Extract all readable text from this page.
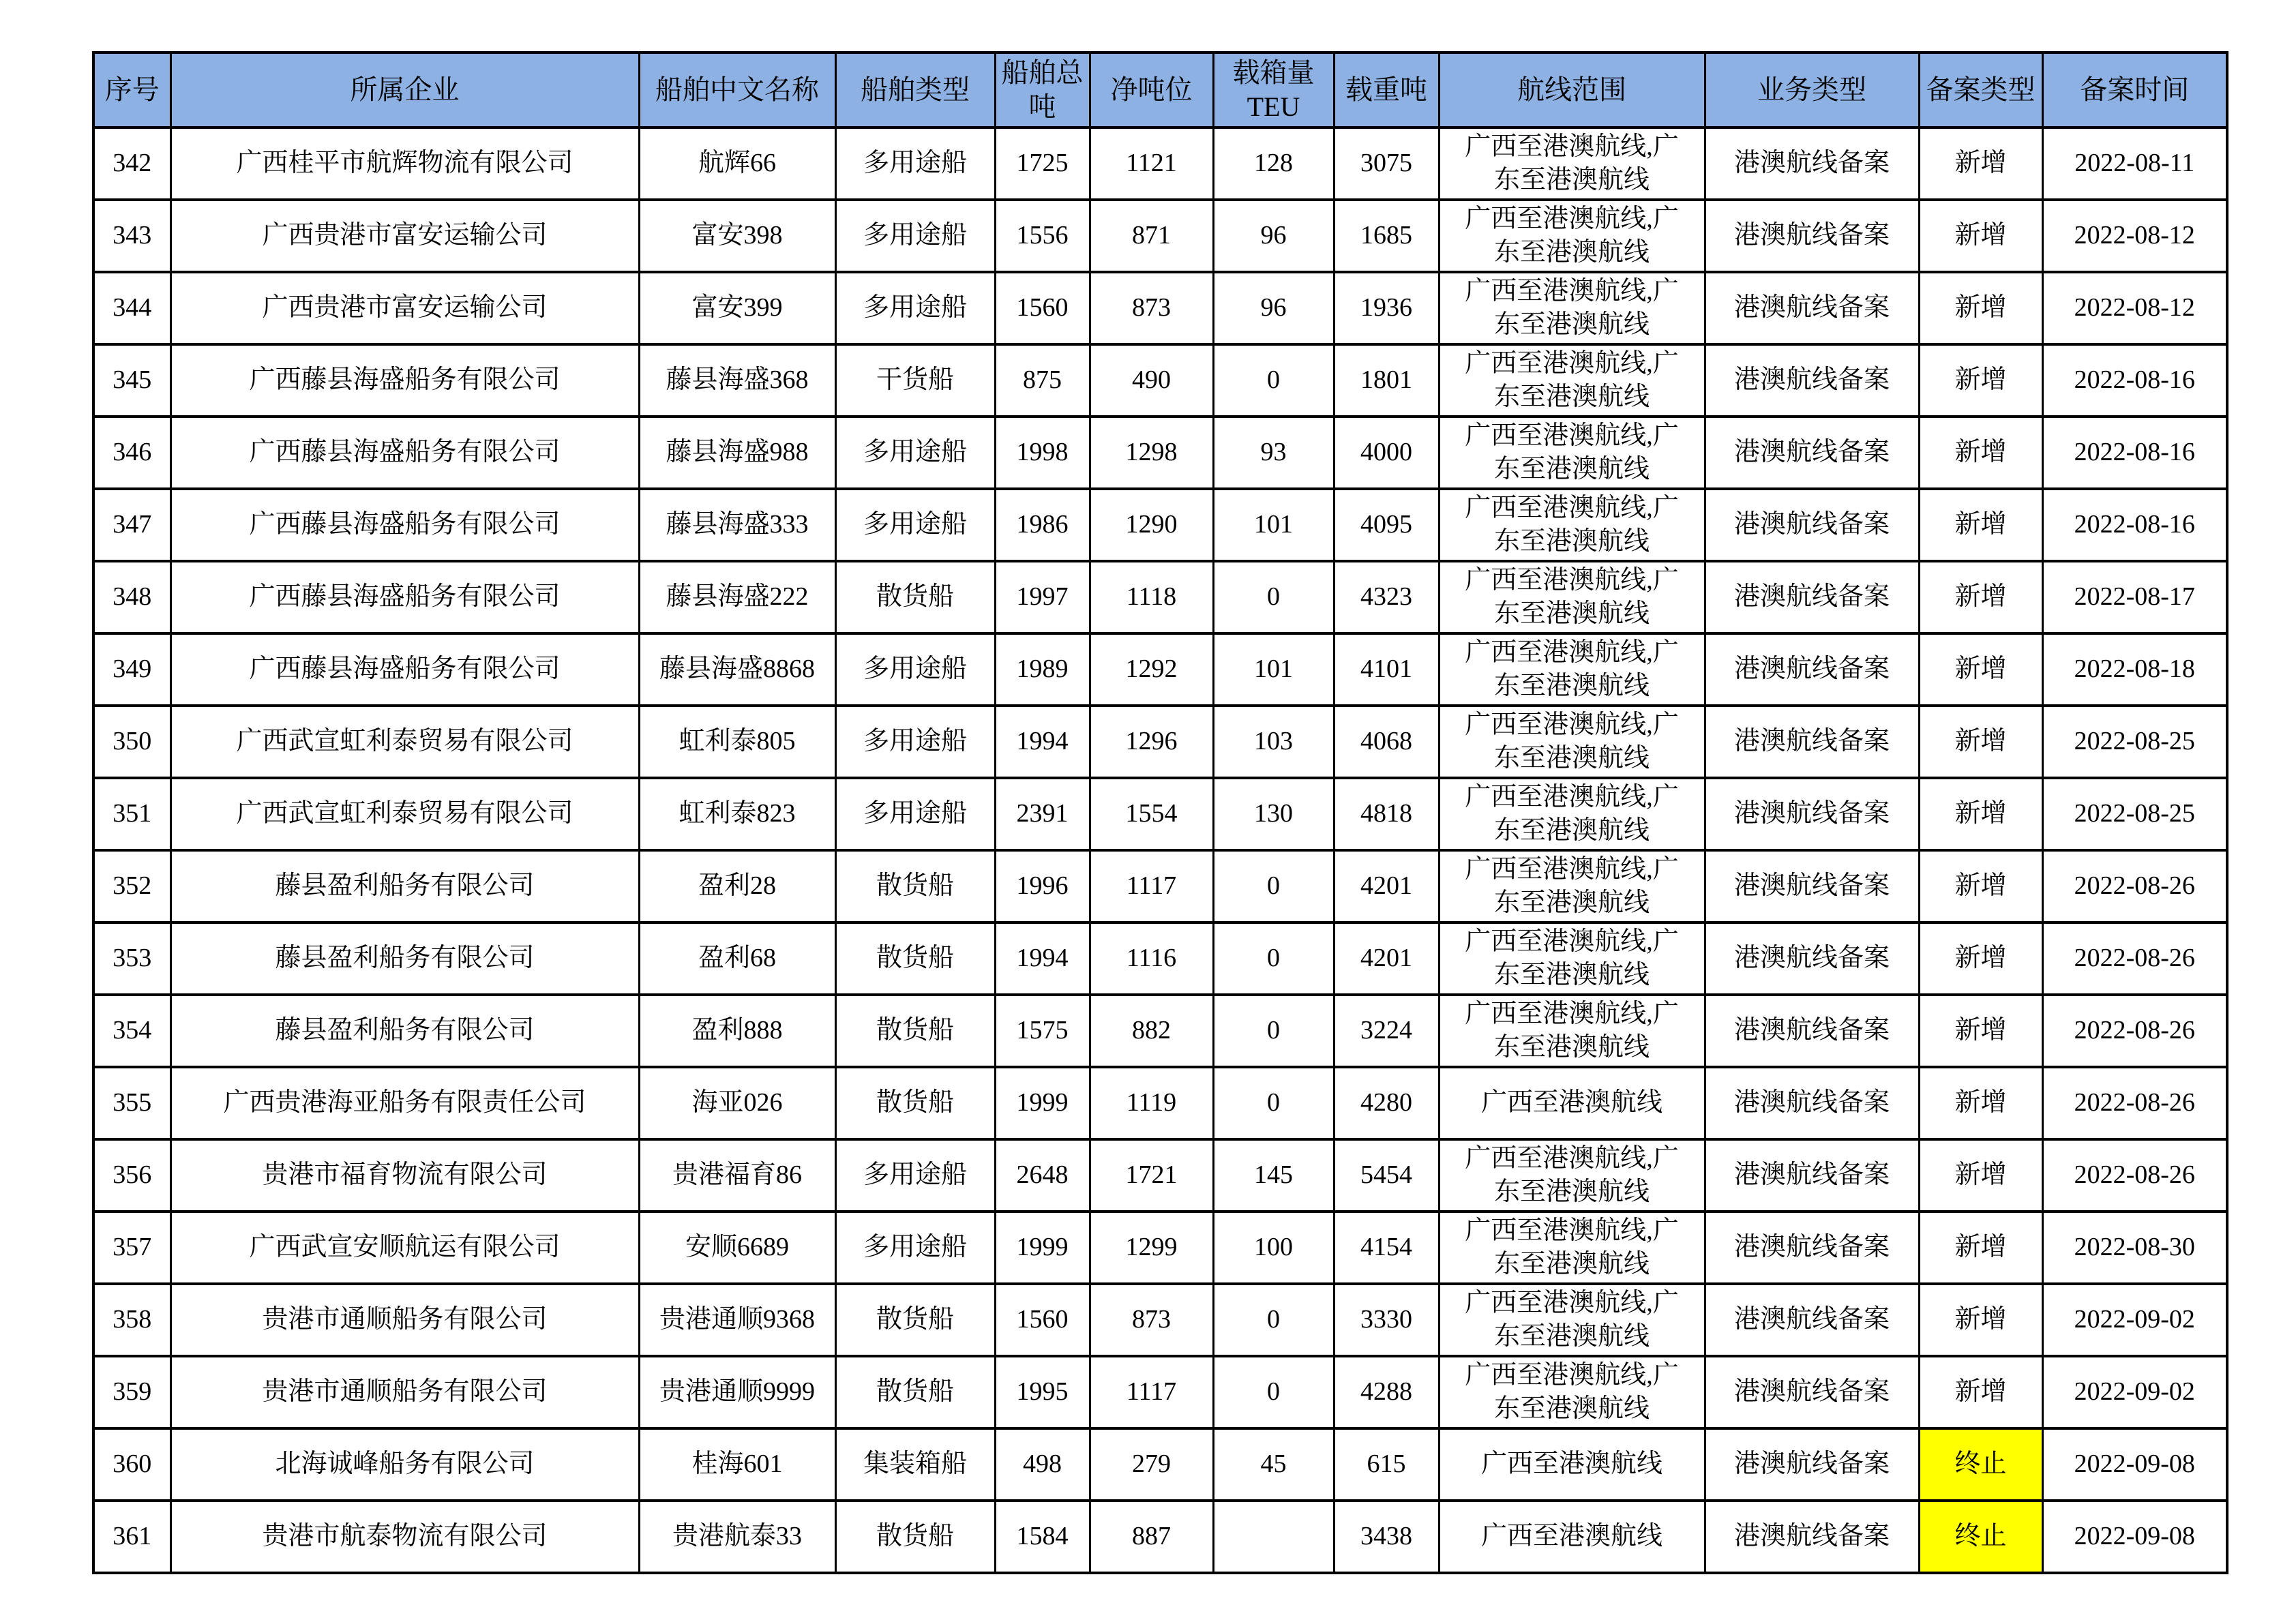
序号	所属企业	船舶中文名称	船舶类型	船舶总吨	净吨位	载箱量TEU	载重吨	航线范围	业务类型	备案类型	备案时间
342	广西桂平市航辉物流有限公司	航辉66	多用途船	1725	1121	128	3075	广西至港澳航线,广东至港澳航线	港澳航线备案	新增	2022-08-11
343	广西贵港市富安运输公司	富安398	多用途船	1556	871	96	1685	广西至港澳航线,广东至港澳航线	港澳航线备案	新增	2022-08-12
344	广西贵港市富安运输公司	富安399	多用途船	1560	873	96	1936	广西至港澳航线,广东至港澳航线	港澳航线备案	新增	2022-08-12
345	广西藤县海盛船务有限公司	藤县海盛368	干货船	875	490	0	1801	广西至港澳航线,广东至港澳航线	港澳航线备案	新增	2022-08-16
346	广西藤县海盛船务有限公司	藤县海盛988	多用途船	1998	1298	93	4000	广西至港澳航线,广东至港澳航线	港澳航线备案	新增	2022-08-16
347	广西藤县海盛船务有限公司	藤县海盛333	多用途船	1986	1290	101	4095	广西至港澳航线,广东至港澳航线	港澳航线备案	新增	2022-08-16
348	广西藤县海盛船务有限公司	藤县海盛222	散货船	1997	1118	0	4323	广西至港澳航线,广东至港澳航线	港澳航线备案	新增	2022-08-17
349	广西藤县海盛船务有限公司	藤县海盛8868	多用途船	1989	1292	101	4101	广西至港澳航线,广东至港澳航线	港澳航线备案	新增	2022-08-18
350	广西武宣虹利泰贸易有限公司	虹利泰805	多用途船	1994	1296	103	4068	广西至港澳航线,广东至港澳航线	港澳航线备案	新增	2022-08-25
351	广西武宣虹利泰贸易有限公司	虹利泰823	多用途船	2391	1554	130	4818	广西至港澳航线,广东至港澳航线	港澳航线备案	新增	2022-08-25
352	藤县盈利船务有限公司	盈利28	散货船	1996	1117	0	4201	广西至港澳航线,广东至港澳航线	港澳航线备案	新增	2022-08-26
353	藤县盈利船务有限公司	盈利68	散货船	1994	1116	0	4201	广西至港澳航线,广东至港澳航线	港澳航线备案	新增	2022-08-26
354	藤县盈利船务有限公司	盈利888	散货船	1575	882	0	3224	广西至港澳航线,广东至港澳航线	港澳航线备案	新增	2022-08-26
355	广西贵港海亚船务有限责任公司	海亚026	散货船	1999	1119	0	4280	广西至港澳航线	港澳航线备案	新增	2022-08-26
356	贵港市福育物流有限公司	贵港福育86	多用途船	2648	1721	145	5454	广西至港澳航线,广东至港澳航线	港澳航线备案	新增	2022-08-26
357	广西武宣安顺航运有限公司	安顺6689	多用途船	1999	1299	100	4154	广西至港澳航线,广东至港澳航线	港澳航线备案	新增	2022-08-30
358	贵港市通顺船务有限公司	贵港通顺9368	散货船	1560	873	0	3330	广西至港澳航线,广东至港澳航线	港澳航线备案	新增	2022-09-02
359	贵港市通顺船务有限公司	贵港通顺9999	散货船	1995	1117	0	4288	广西至港澳航线,广东至港澳航线	港澳航线备案	新增	2022-09-02
360	北海诚峰船务有限公司	桂海601	集装箱船	498	279	45	615	广西至港澳航线	港澳航线备案	终止	2022-09-08
361	贵港市航泰物流有限公司	贵港航泰33	散货船	1584	887		3438	广西至港澳航线	港澳航线备案	终止	2022-09-08
